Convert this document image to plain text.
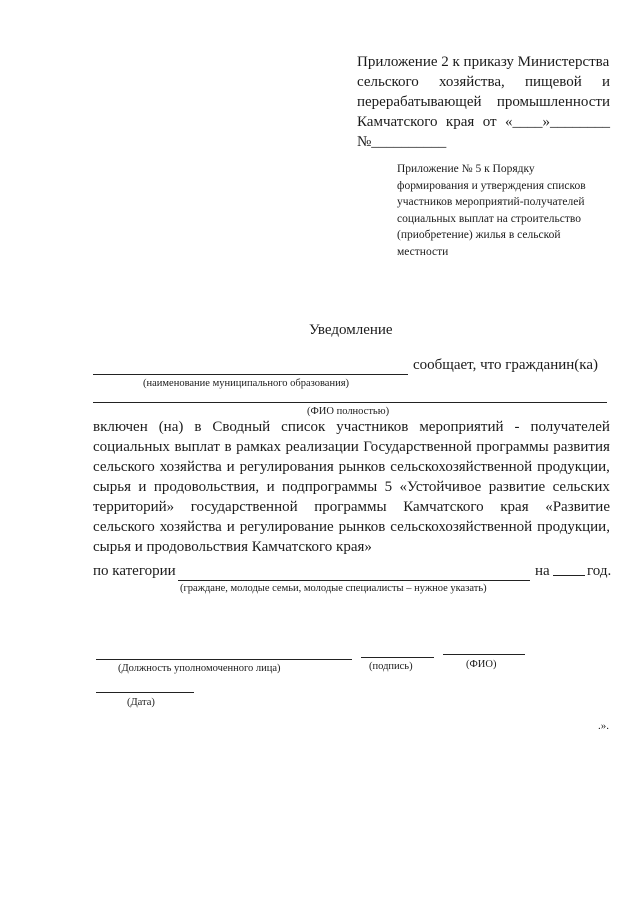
Приложение 2 к приказу Министерства
сельского хозяйства, пищевой и
перерабатывающей промышленности
Камчатского края от «____»________
№__________
Приложение № 5 к Порядку
формирования и утверждения списков
участников мероприятий-получателей
социальных выплат на строительство
(приобретение) жилья в сельской
местности
Уведомление
сообщает, что гражданин(ка)
(наименование муниципального образования)
(ФИО полностью)
включен (на) в Сводный список участников мероприятий - получателей
социальных выплат в рамках реализации Государственной программы развития
сельского хозяйства и регулирования рынков сельскохозяйственной продукции,
сырья и продовольствия, и подпрограммы 5 «Устойчивое развитие сельских
территорий» государственной программы Камчатского края «Развитие
сельского хозяйства и регулирование рынков сельскохозяйственной продукции,
сырья и продовольствия Камчатского края»
по категории	на год.
(граждане, молодые семьи, молодые специалисты – нужное указать)
(Должность уполномоченного лица)	(подпись)	(ФИО)
(Дата)
.».
